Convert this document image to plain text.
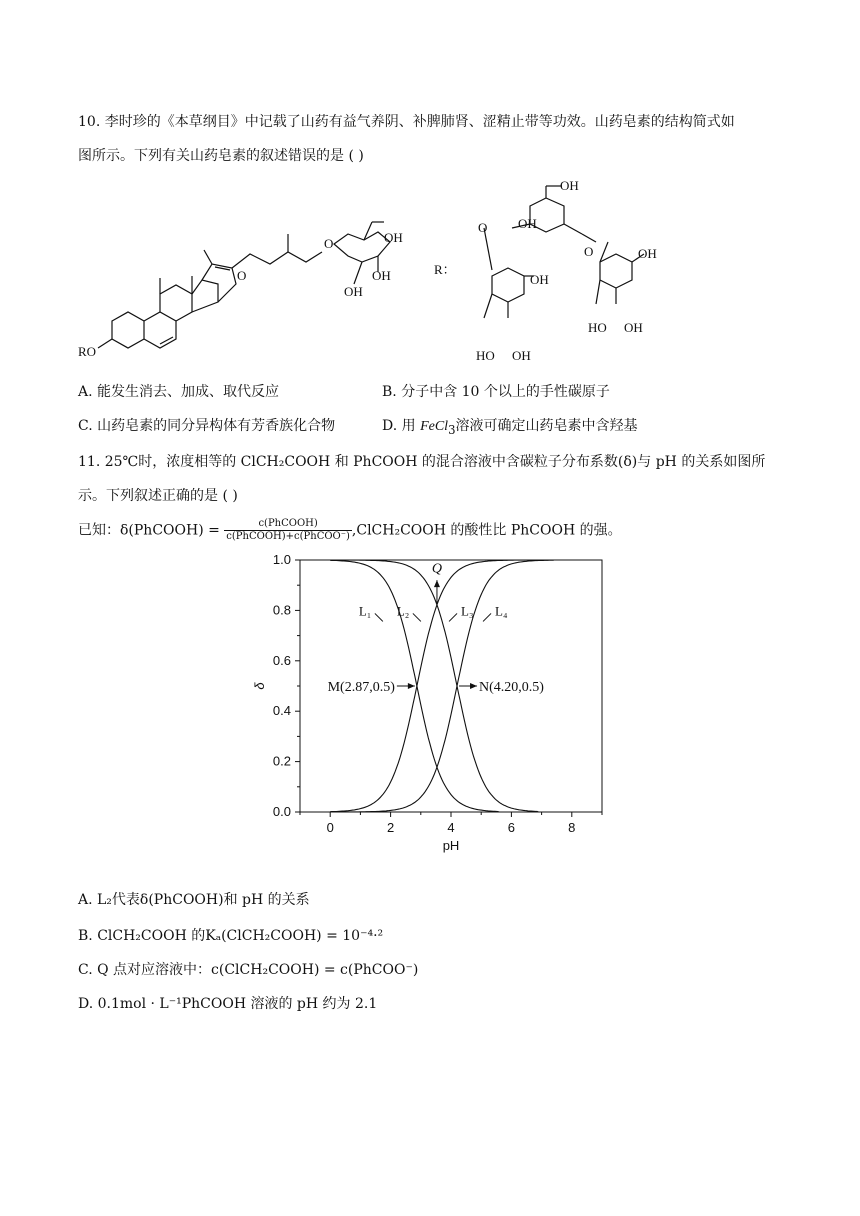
10. 李时珍的《本草纲目》中记载了山药有益气养阴、补脾肺肾、涩精止带等功效。山药皂素的结构简式如
图所示。下列有关山药皂素的叙述错误的是 ( )
RO
O
O	OH
OH
OH
R：
OH
OH
O
O
OH
HO OH
OH
HO OH
A. 能发生消去、加成、取代反应	B. 分子中含 10 个以上的手性碳原子
C. 山药皂素的同分异构体有芳香族化合物	D. 用 FeCl$_3$溶液可确定山药皂素中含羟基
11. 25℃时，浓度相等的 ClCH₂COOH 和 PhCOOH 的混合溶液中含碳粒子分布系数(δ)与 pH 的关系如图所
示。下列叙述正确的是 ( )
已知：δ(PhCOOH) = $\frac{\text{c(PhCOOH)}}{\text{c(PhCOOH)+c(PhCOO⁻)}}$ ,ClCH₂COOH 的酸性比 PhCOOH 的强。
0.0
0.2
0.4
0.6
0.8
1.0
0	2	4	6	8
pH
δ
L₁ L₂	L₃ L₄
M(2.87,0.5)	N(4.20,0.5)
Q
A. L₂代表δ(PhCOOH)和 pH 的关系
B. ClCH₂COOH 的Kₐ(ClCH₂COOH) = 10⁻⁴·²
C. Q 点对应溶液中：c(ClCH₂COOH) = c(PhCOO⁻)
D. 0.1mol · L⁻¹PhCOOH 溶液的 pH 约为 2.1
